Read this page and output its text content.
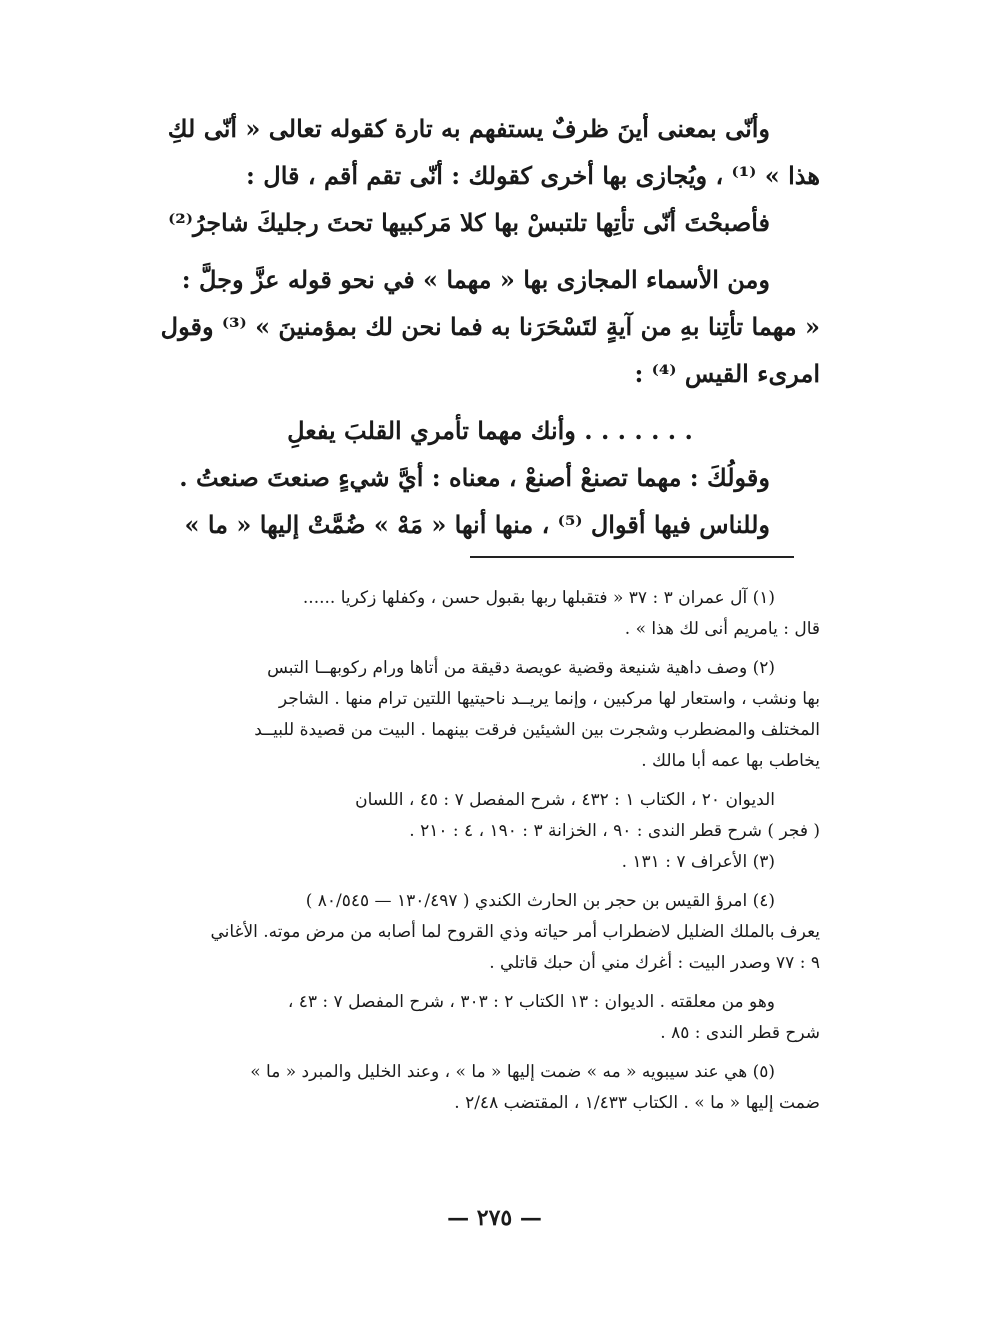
وأنّى بمعنى أينَ ظرفٌ يستفهم به تارة كقوله تعالى « أنّى لكِ
هذا » ⁽¹⁾ ، ويُجازى بها أخرى كقولك : أنّى تقم أقم ، قال :
فأصبحْتَ أنّى تأتِها تلتبسْ بها كلا مَركبيها تحتَ رجليكَ شاجرُ⁽²⁾
ومن الأسماء المجازى بها « مهما » في نحو قوله عزَّ وجلَّ :
« مهما تأتِنا بهِ من آيةٍ لتَسْحَرَنا به فما نحن لك بمؤمنينَ » ⁽³⁾ وقول
امرىء القيس ⁽⁴⁾ :
. . . . . . . وأنك مهما تأمري القلبَ يفعلِ
وقولُكَ : مهما تصنعْ أصنعْ ، معناه : أيَّ شيءٍ صنعتَ صنعتُ .
وللناس فيها أقوال ⁽⁵⁾ ، منها أنها « مَهْ » ضُمَّتْ إليها « ما »
(١) آل عمران ٣ : ٣٧ « فتقبلها ربها بقبول حسن ، وكفلها زكريا ......
قال : يامريم أنى لك هذا » .
(٢) وصف داهية شنيعة وقضية عويصة دقيقة من أتاها ورام ركوبهــا التبس
بها ونشب ، واستعار لها مركبين ، وإنما يريــد ناحيتيها اللتين ترام منها . الشاجر
المختلف والمضطرب وشجرت بين الشيئين فرقت بينهما . البيت من قصيدة للبيــد
يخاطب بها عمه أبا مالك .
الديوان ٢٠ ، الكتاب ١ : ٤٣٢ ، شرح المفصل ٧ : ٤٥ ، اللسان
( فجر ) شرح قطر الندى : ٩٠ ، الخزانة ٣ : ١٩٠ ، ٤ : ٢١٠ .
(٣) الأعراف ٧ : ١٣١ .
(٤) امرؤ القيس بن حجر بن الحارث الكندي ( ١٣٠/٤٩٧ — ٨٠/٥٤٥ )
يعرف بالملك الضليل لاضطراب أمر حياته وذي القروح لما أصابه من مرض موته. الأغاني
٩ : ٧٧ وصدر البيت : أغرك مني أن حبك قاتلي .
وهو من معلقته . الديوان : ١٣ الكتاب ٢ : ٣٠٣ ، شرح المفصل ٧ : ٤٣ ،
شرح قطر الندى : ٨٥ .
(٥) هي عند سيبويه « مه » ضمت إليها « ما » ، وعند الخليل والمبرد « ما »
ضمت إليها « ما » . الكتاب ١/٤٣٣ ، المقتضب ٢/٤٨ .
— ٢٧٥ —
